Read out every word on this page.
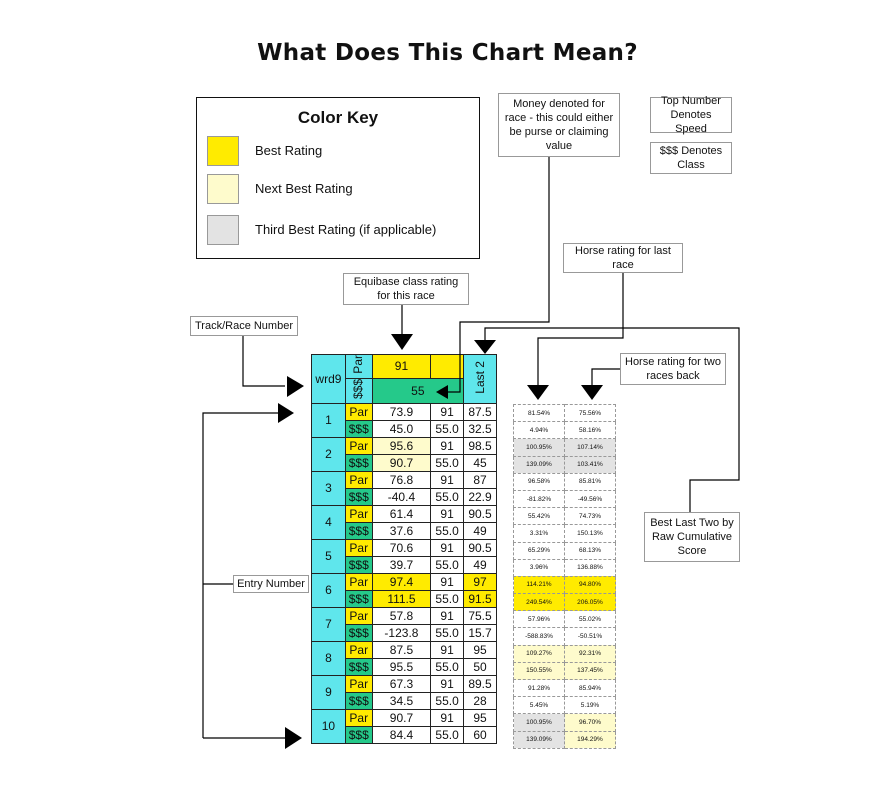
What Does This Chart Mean?
Color Key
Best Rating
Next Best Rating
Third Best Rating (if applicable)
Money denoted for race - this could either be purse or claiming value
Top Number Denotes Speed
$$$ Denotes Class
Horse rating for last race
Equibase class rating for this race
Track/Race Number
Horse rating for two races back
Best Last Two by Raw Cumulative Score
Entry Number
wrd9	Par	91		Last 2
	$$$	55		
1	Par	73.9	91	87.5
	$$$	45.0	55.0	32.5
2	Par	95.6	91	98.5
	$$$	90.7	55.0	45
3	Par	76.8	91	87
	$$$	-40.4	55.0	22.9
4	Par	61.4	91	90.5
	$$$	37.6	55.0	49
5	Par	70.6	91	90.5
	$$$	39.7	55.0	49
6	Par	97.4	91	97
	$$$	111.5	55.0	91.5
7	Par	57.8	91	75.5
	$$$	-123.8	55.0	15.7
8	Par	87.5	91	95
	$$$	95.5	55.0	50
9	Par	67.3	91	89.5
	$$$	34.5	55.0	28
10	Par	90.7	91	95
	$$$	84.4	55.0	60
81.54%	75.56%
4.94%	58.16%
100.95%	107.14%
139.09%	103.41%
96.58%	85.81%
-81.82%	-49.56%
55.42%	74.73%
3.31%	150.13%
65.29%	68.13%
3.96%	136.88%
114.21%	94.80%
249.54%	206.05%
57.96%	55.02%
-588.83%	-50.51%
109.27%	92.31%
150.55%	137.45%
91.28%	85.94%
5.45%	5.19%
100.95%	96.70%
139.09%	194.29%
